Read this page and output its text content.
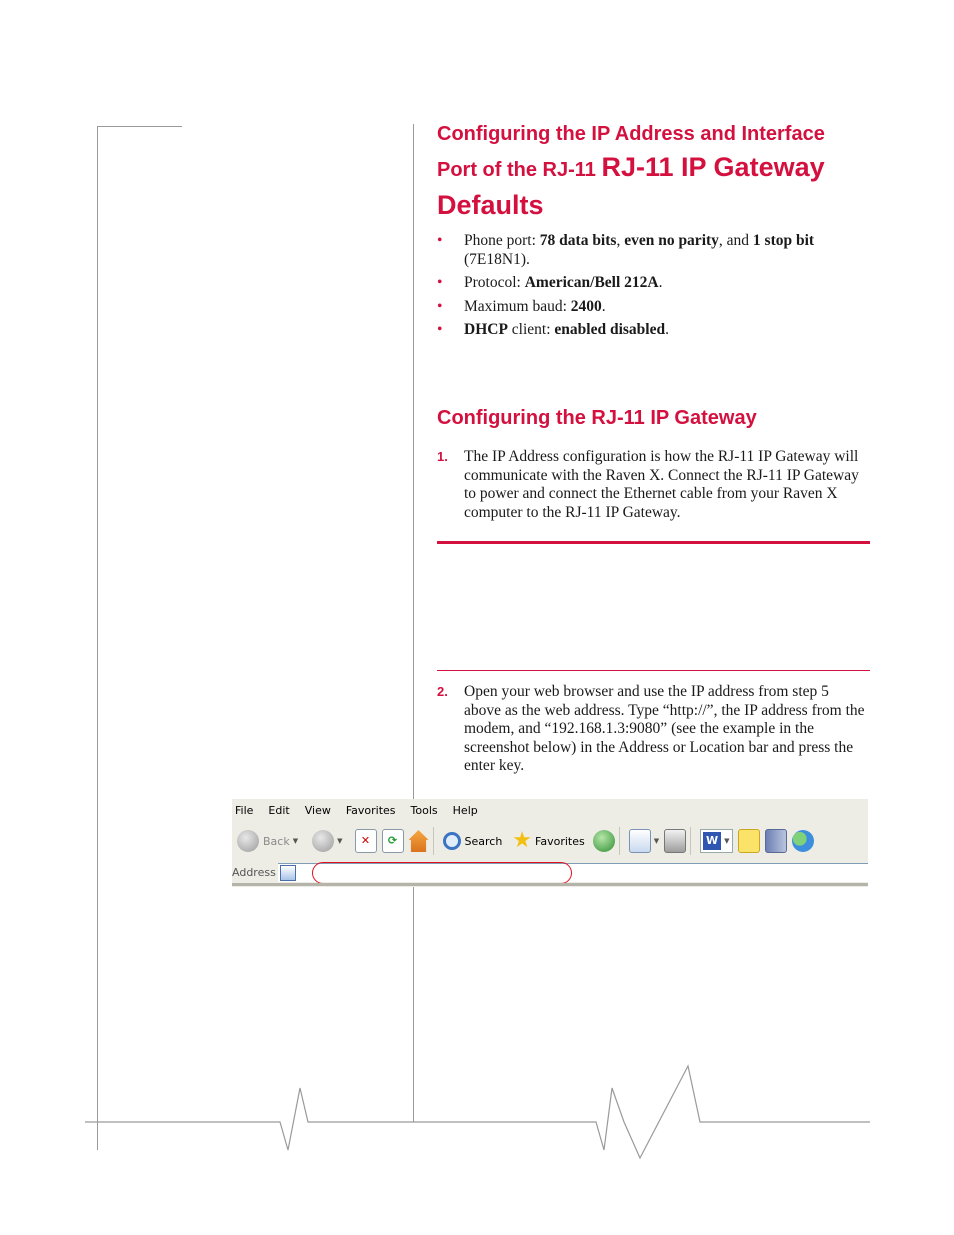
Configuring the IP Address and Interface
Port of the RJ-11 RJ-11 IP Gateway
Defaults
• Phone port: 78 data bits, even no parity, and 1 stop bit (7E18N1).
• Protocol: American/Bell 212A.
• Maximum baud: 2400.
• DHCP client: enabled disabled.
Configuring the RJ-11 IP Gateway
1. The IP Address configuration is how the RJ-11 IP Gateway will communicate with the Raven X. Connect the RJ-11 IP Gateway to power and connect the Ethernet cable from your Raven X computer to the RJ-11 IP Gateway.
2. Open your web browser and use the IP address from step 5 above as the web address. Type “http://”, the IP address from the modem, and “192.168.1.3:9080” (see the example in the screenshot below) in the Address or Location bar and press the enter key.
File Edit View Favorites Tools Help
Back ▼	▼	✕	⟳	Search ★ Favorites	▼	W ▼
Address
